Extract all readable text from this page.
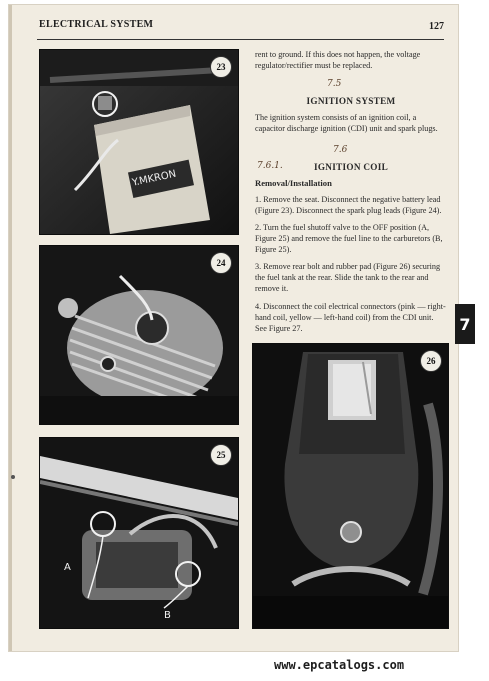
ELECTRICAL SYSTEM	127
Y.MKRON
23
24
A
B
25
26

rent to ground. If this does not happen, the voltage regulator/rectifier must be replaced.

7.5
IGNITION SYSTEM

The ignition system consists of an ignition coil, a capacitor discharge ignition (CDI) unit and spark plugs.

7.6
7.6.1.	IGNITION COIL
Removal/Installation

1. Remove the seat. Disconnect the negative battery lead (Figure 23). Disconnect the spark plug leads (Figure 24).

2. Turn the fuel shutoff valve to the OFF position (A, Figure 25) and remove the fuel line to the carburetors (B, Figure 25).

3. Remove rear bolt and rubber pad (Figure 26) securing the fuel tank at the rear. Slide the tank to the rear and remove it.

4. Disconnect the coil electrical connectors (pink — right-hand coil, yellow — left-hand coil) from the CDI unit. See Figure 27.	7
www.epcatalogs.com
